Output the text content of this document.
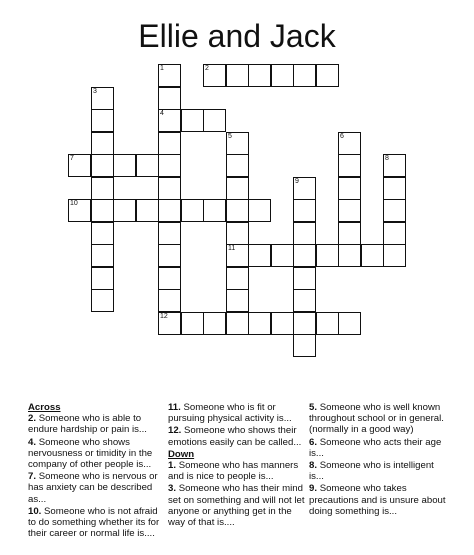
Ellie and Jack
1
4
2
3
5
11
6
7	8
9
10
12
Across
2. Someone who is able to endure hardship or pain is...
4. Someone who shows nervousness or timidity in the company of other people is...
7. Someone who is nervous or has anxiety can be described as...
10. Someone who is not afraid to do something whether its for their career or normal life is....
11. Someone who is fit or pursuing physical activity is...
12. Someone who shows their emotions easily can be called...
Down
1. Someone who has manners and is nice to people is...
3. Someone who has their mind set on something and will not let anyone or anything get in the way of that is....
5. Someone who is well known throughout school or in general. (normally in a good way)
6. Someone who acts their age is...
8. Someone who is intelligent is...
9. Someone who takes precautions and is unsure about doing something is...
